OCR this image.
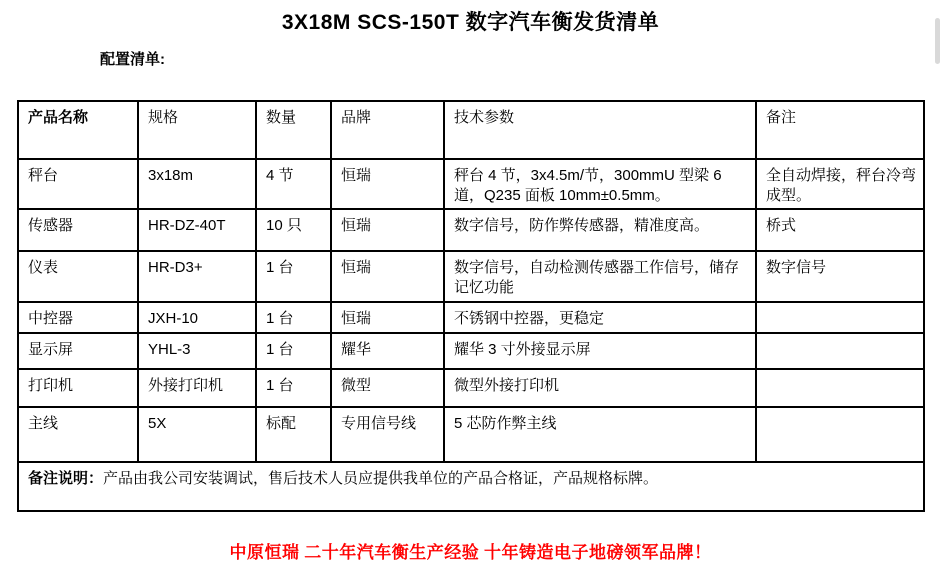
3X18M SCS-150T 数字汽车衡发货清单
配置清单:
产品名称	规格	数量	品牌	技术参数	备注
秤台	3x18m	4 节	恒瑞	秤台 4 节，3x4.5m/节，300mmU 型梁 6 道，Q235 面板 10mm±0.5mm。	全自动焊接，秤台冷弯成型。
传感器	HR-DZ-40T	10 只	恒瑞	数字信号，防作弊传感器，精准度高。	桥式
仪表	HR-D3+	1 台	恒瑞	数字信号，自动检测传感器工作信号，储存记忆功能	数字信号
中控器	JXH-10	1 台	恒瑞	不锈钢中控器，更稳定	
显示屏	YHL-3	1 台	耀华	耀华 3 寸外接显示屏	
打印机	外接打印机	1 台	微型	微型外接打印机	
主线	5X	标配	专用信号线	5 芯防作弊主线	
备注说明：产品由我公司安装调试，售后技术人员应提供我单位的产品合格证，产品规格标牌。					
中原恒瑞 二十年汽车衡生产经验 十年铸造电子地磅领军品牌！
